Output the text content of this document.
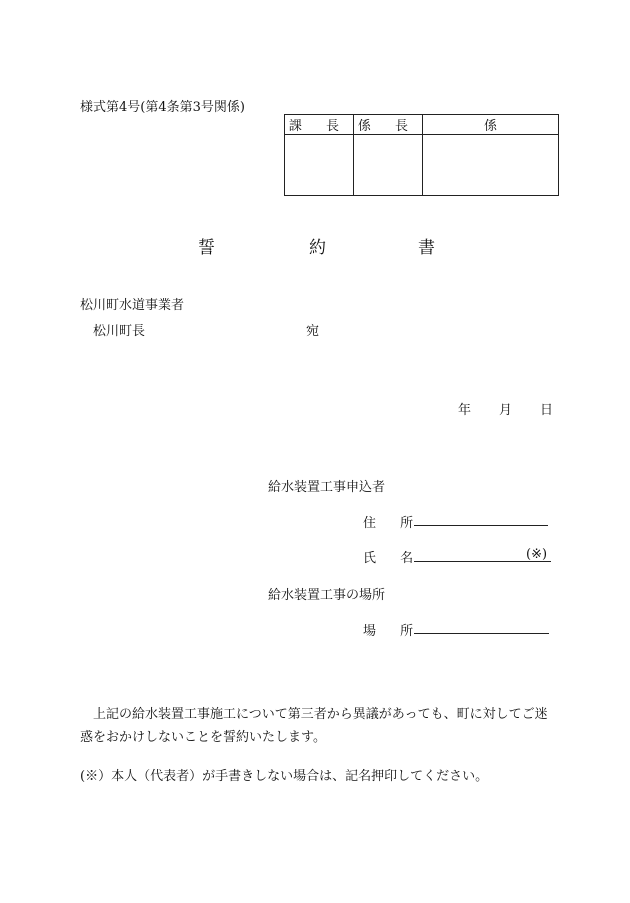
様式第4号(第4条第3号関係)
課 長	係 長	係

誓	約	書
松川町水道事業者
松川町長	宛
年 月 日
給水装置工事申込者
住 所
氏 名	(※)
給水装置工事の場所
場 所
上記の給水装置工事施工について第三者から異議があっても、町に対してご迷惑をおかけしないことを誓約いたします。
(※）本人（代表者）が手書きしない場合は、記名押印してください。
